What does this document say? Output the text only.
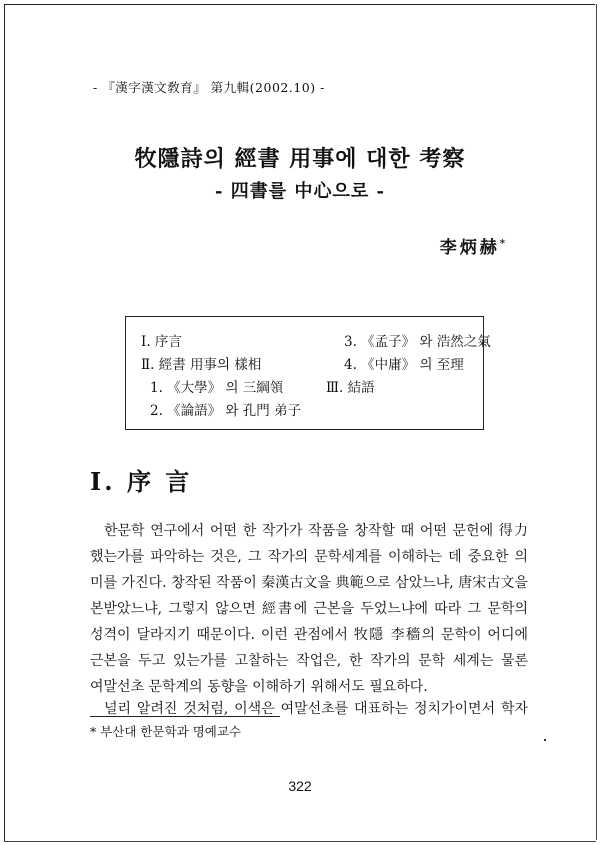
- 『漢字漢文敎育』 第九輯(2002.10) -
牧隱詩의 經書 用事에 대한 考察
- 四書를 中心으로 -
李炳赫*
Ⅰ. 序言
Ⅱ. 經書 用事의 樣相
1. 《大學》 의 三綱領
2. 《論語》 와 孔門 弟子
3. 《孟子》 와 浩然之氣
4. 《中庸》 의 至理
Ⅲ. 結語
Ⅰ. 序 言
한문학 연구에서 어떤 한 작가가 작품을 창작할 때 어떤 문헌에 得力
했는가를 파악하는 것은, 그 작가의 문학세계를 이해하는 데 중요한 의
미를 가진다. 창작된 작품이 秦漢古文을 典範으로 삼았느냐, 唐宋古文을
본받았느냐, 그렇지 않으면 經書에 근본을 두었느냐에 따라 그 문학의
성격이 달라지기 때문이다. 이런 관점에서 牧隱 李穡의 문학이 어디에
근본을 두고 있는가를 고찰하는 작업은, 한 작가의 문학 세계는 물론
여말선초 문학계의 동향을 이해하기 위해서도 필요하다.
* 부산대 한문학과 명예교수
322
널리 알려진 것처럼, 이색은 여말선초를 대표하는 정치가이면서 학자
